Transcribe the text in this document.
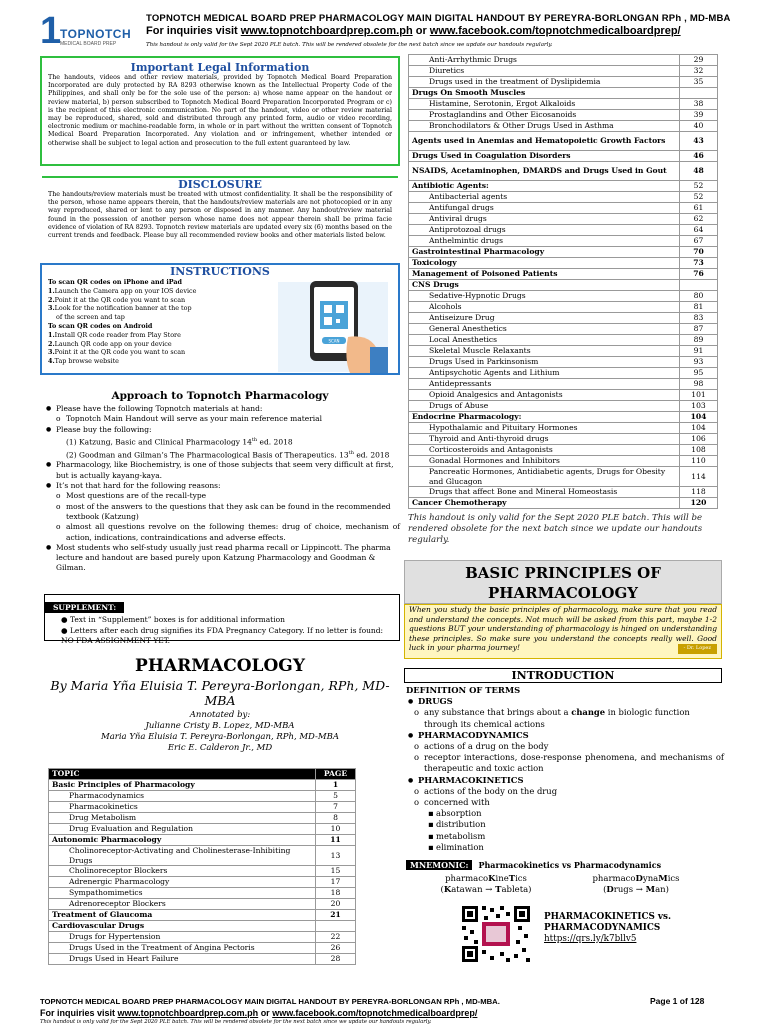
1
TOPNOTCH
MEDICAL BOARD PREP
TOPNOTCH MEDICAL BOARD PREP PHARMACOLOGY MAIN DIGITAL HANDOUT BY PEREYRA-BORLONGAN RPh , MD-MBA
For inquiries visit www.topnotchboardprep.com.ph or www.facebook.com/topnotchmedicalboardprep/
This handout is only valid for the Sept 2020 PLE batch. This will be rendered obsolete for the next batch since we update our handouts regularly.
Important Legal Information

The handouts, videos and other review materials, provided by Topnotch Medical Board Preparation Incorporated are duly protected by RA 8293 otherwise known as the Intellectual Property Code of the Philippines, and shall only be for the sole use of the person: a) whose name appear on the handout or review material, b) person subscribed to Topnotch Medical Board Preparation Incorporated Program or c) is the recipient of this electronic communication. No part of the handout, video or other review material may be reproduced, shared, sold and distributed through any printed form, audio or video recording, electronic medium or machine-readable form, in whole or in part without the written consent of Topnotch Medical Board Preparation Incorporated. Any violation and or infringement, whether intended or otherwise shall be subject to legal action and prosecution to the full extent guaranteed by law.

DISCLOSURE

The handouts/review materials must be treated with utmost confidentiality. It shall be the responsibility of the person, whose name appears therein, that the handouts/review materials are not photocopied or in any way reproduced, shared or lent to any person or disposed in any manner. Any handout/review material found in the possession of another person whose name does not appear therein shall be prima facie evidence of violation of RA 8293. Topnotch review materials are updated every six (6) months based on the current trends and feedback. Please buy all recommended review books and other materials listed below.

INSTRUCTIONS
To scan QR codes on iPhone and iPad
1.Launch the Camera app on your IOS device
2.Point it at the QR code you want to scan
3.Look for the notification banner at the top
of the screen and tap
To scan QR codes on Android
1.Install QR code reader from Play Store
2.Launch QR code app on your device
3.Point it at the QR code you want to scan
4.Tap browse website
SCAN
Approach to Topnotch Pharmacology
● Please have the following Topnotch materials at hand:
o Topnotch Main Handout will serve as your main reference material
● Please buy the following:
(1) Katzung, Basic and Clinical Pharmacology 14th ed. 2018
(2) Goodman and Gilman’s The Pharmacological Basis of Therapeutics. 13th ed. 2018
● Pharmacology, like Biochemistry, is one of those subjects that seem very difficult at first, but is actually kayang-kaya.
● It’s not that hard for the following reasons:
o Most questions are of the recall-type
o most of the answers to the questions that they ask can be found in the recommended textbook (Katzung)
o almost all questions revolve on the following themes: drug of choice, mechanism of action, indications, contraindications and adverse effects.
● Most students who self-study usually just read pharma recall or Lippincott. The pharma lecture and handout are based purely upon Katzung Pharmacology and Goodman & Gilman.
SUPPLEMENT:
● Text in “Supplement” boxes is for additional information
● Letters after each drug signifies its FDA Pregnancy Category. If no letter is found: NO FDA ASSIGNMENT YET.
PHARMACOLOGY
By Maria Yña Eluisia T. Pereyra-Borlongan, RPh, MD-MBA
Annotated by:
Julianne Cristy B. Lopez, MD-MBA
Maria Yña Eluisia T. Pereyra-Borlongan, RPh, MD-MBA
Eric E. Calderon Jr., MD
TOPIC	PAGE
Basic Principles of Pharmacology	1
Pharmacodynamics	5
Pharmacokinetics	7
Drug Metabolism	8
Drug Evaluation and Regulation	10
Autonomic Pharmacology	11
Cholinoreceptor-Activating and Cholinesterase-Inhibiting Drugs	13
Cholinoreceptor Blockers	15
Adrenergic Pharmacology	17
Sympathomimetics	18
Adrenoreceptor Blockers	20
Treatment of Glaucoma	21
Cardiovascular Drugs	
Drugs for Hypertension	22
Drugs Used in the Treatment of Angina Pectoris	26
Drugs Used in Heart Failure	28
Anti-Arrhythmic Drugs	29
Diuretics	32
Drugs used in the treatment of Dyslipidemia	35
Drugs On Smooth Muscles	
Histamine, Serotonin, Ergot Alkaloids	38
Prostaglandins and Other Eicosanoids	39
Bronchodilators & Other Drugs Used in Asthma	40
Agents used in Anemias and Hematopoietic Growth Factors	43
Drugs Used in Coagulation Disorders	46
NSAIDS, Acetaminophen, DMARDS and Drugs Used in Gout	48
Antibiotic Agents:	52
Antibacterial agents	52
Antifungal drugs	61
Antiviral drugs	62
Antiprotozoal drugs	64
Anthelmintic drugs	67
Gastrointestinal Pharmacology	70
Toxicology	73
Management of Poisoned Patients	76
CNS Drugs	
Sedative-Hypnotic Drugs	80
Alcohols	81
Antiseizure Drug	83
General Anesthetics	87
Local Anesthetics	89
Skeletal Muscle Relaxants	91
Drugs Used in Parkinsonism	93
Antipsychotic Agents and Lithium	95
Antidepressants	98
Opioid Analgesics and Antagonists	101
Drugs of Abuse	103
Endocrine Pharmacology:	104
Hypothalamic and Pituitary Hormones	104
Thyroid and Anti-thyroid drugs	106
Corticosteroids and Antagonists	108
Gonadal Hormones and Inhibitors	110
Pancreatic Hormones, Antidiabetic agents, Drugs for Obesity and Glucagon	114
Drugs that affect Bone and Mineral Homeostasis	118
Cancer Chemotherapy	120
This handout is only valid for the Sept 2020 PLE batch. This will be rendered obsolete for the next batch since we update our handouts regularly.
BASIC PRINCIPLES OF PHARMACOLOGY
When you study the basic principles of pharmacology, make sure that you read and understand the concepts. Not much will be asked from this part, maybe 1-2 questions BUT your understanding of pharmacology is hinged on understanding these principles. So make sure you understand the concepts really well. Good luck in your pharma journey!	- Dr. Lopez
INTRODUCTION
DEFINITION OF TERMS
● DRUGS
o any substance that brings about a change in biologic function through its chemical actions
● PHARMACODYNAMICS
o actions of a drug on the body
o receptor interactions, dose-response phenomena, and mechanisms of therapeutic and toxic action
● PHARMACOKINETICS
o actions of the body on the drug
o concerned with
▪ absorption
▪ distribution
▪ metabolism
▪ elimination
MNEMONIC: Pharmacokinetics vs Pharmacodynamics
pharmacoKineTics
(Katawan → Tableta)
pharmacoDynaMics
(Drugs → Man)
PHARMACOKINETICS vs.
PHARMACODYNAMICS
https://qrs.ly/k7bllv5
TOPNOTCH MEDICAL BOARD PREP PHARMACOLOGY MAIN DIGITAL HANDOUT BY PEREYRA-BORLONGAN RPh , MD-MBA.	Page 1 of 128
For inquiries visit www.topnotchboardprep.com.ph or www.facebook.com/topnotchmedicalboardprep/
This handout is only valid for the Sept 2020 PLE batch. This will be rendered obsolete for the next batch since we update our handouts regularly.
